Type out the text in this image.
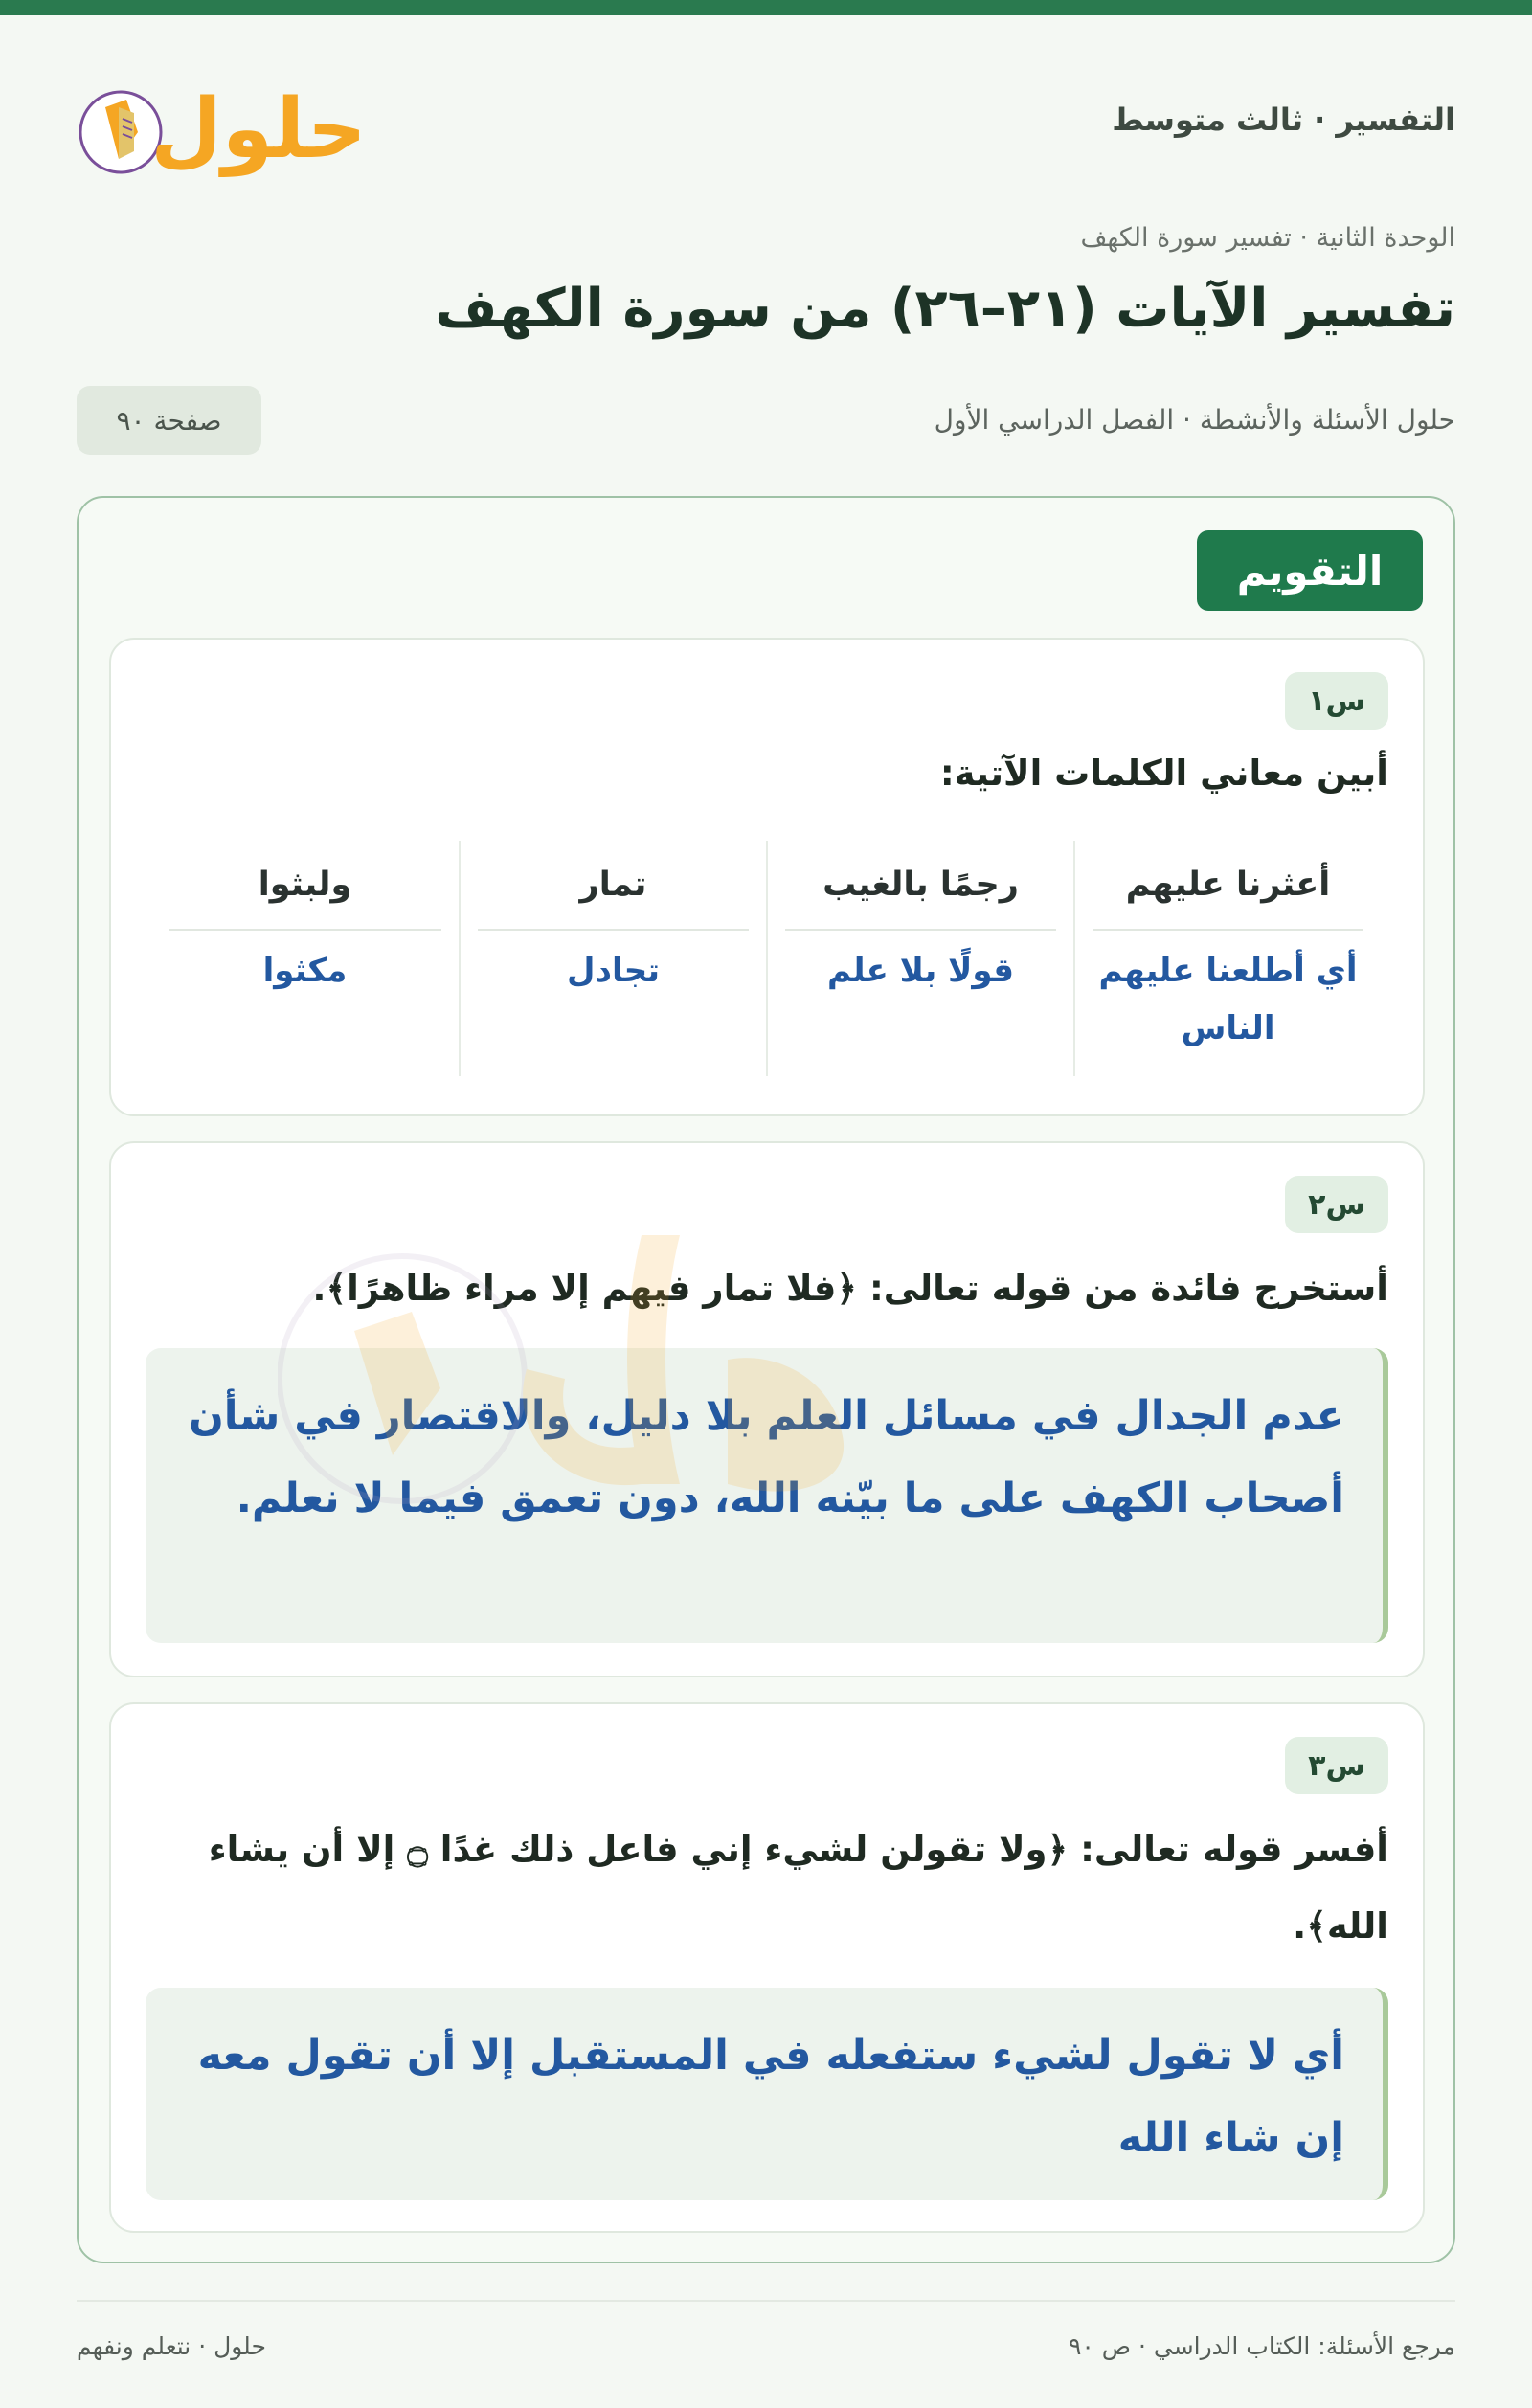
التفسير · ثالث متوسط
حلول
الوحدة الثانية · تفسير سورة الكهف
تفسير الآيات (٢١–٢٦) من سورة الكهف
حلول الأسئلة والأنشطة · الفصل الدراسي الأول
صفحة ٩٠
التقويم
س١
أبين معاني الكلمات الآتية:
أعثرنا عليهم
أي أطلعنا عليهم الناس
رجمًا بالغيب
قولًا بلا علم
تمار
تجادل
ولبثوا
مكثوا
س٢
أستخرج فائدة من قوله تعالى: ﴿فلا تمار فيهم إلا مراء ظاهرًا﴾.
عدم الجدال في مسائل العلم بلا دليل، والاقتصار في شأن أصحاب الكهف على ما بيّنه الله، دون تعمق فيما لا نعلم.
س٣
أفسر قوله تعالى: ﴿ولا تقولن لشيء إني فاعل ذلك غدًا ۝ إلا أن يشاء الله﴾.
أي لا تقول لشيء ستفعله في المستقبل إلا أن تقول معه إن شاء الله
مرجع الأسئلة: الكتاب الدراسي · ص ٩٠
حلول · نتعلم ونفهم
